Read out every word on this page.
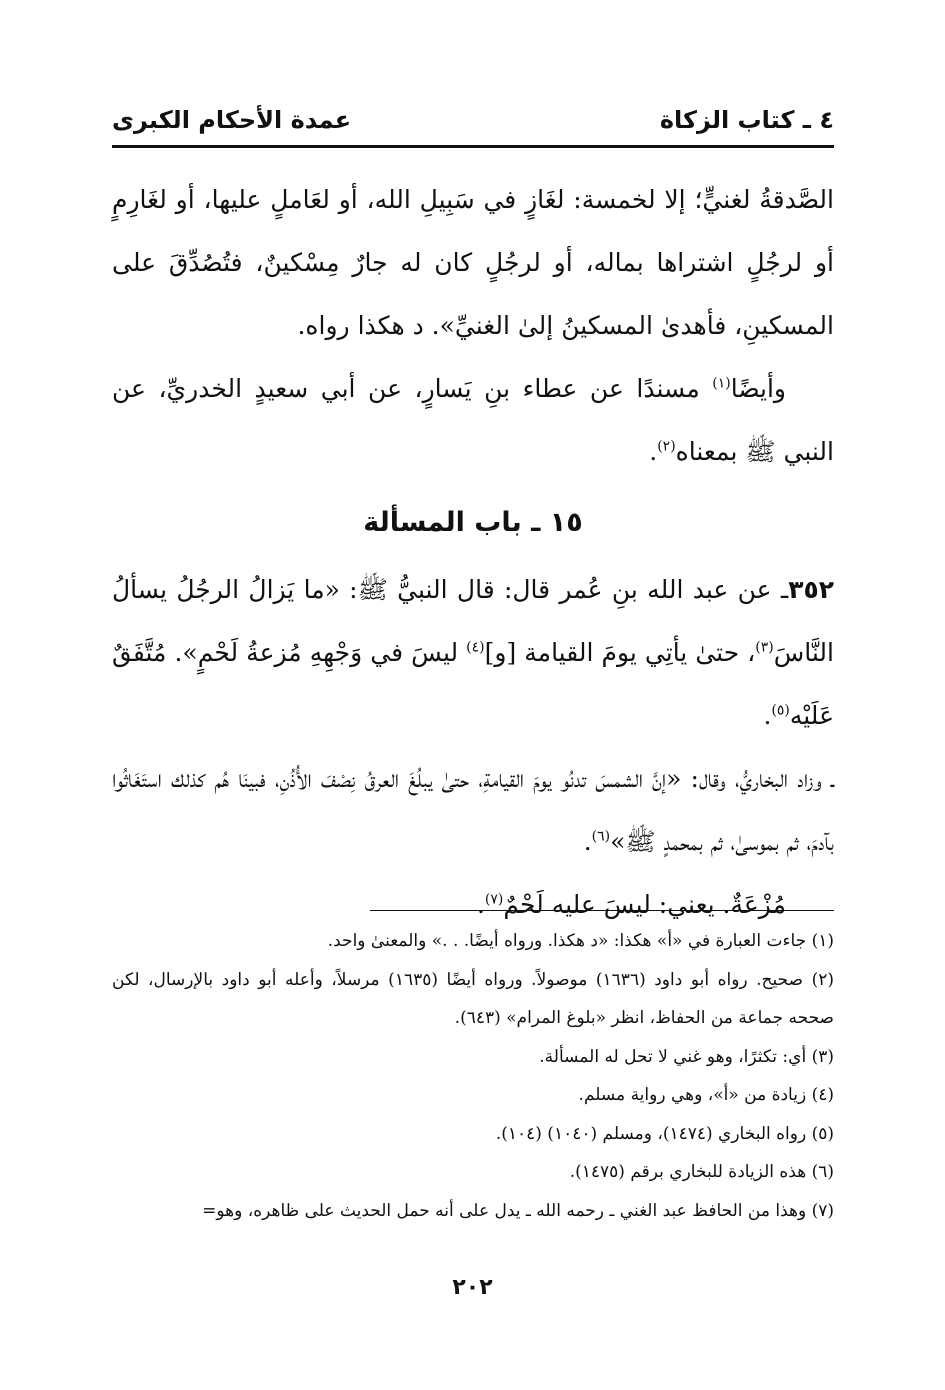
٤ ـ كتاب الزكاة
عمدة الأحكام الكبرى

الصَّدقةُ لغنيٍّ؛ إلا لخمسة: لغَازٍ في سَبِيلِ الله، أو لعَاملٍ عليها، أو لغَارِمٍ أو لرجُلٍ اشتراها بماله، أو لرجُلٍ كان له جارٌ مِسْكينٌ، فتُصُدِّقَ على المسكينِ، فأهدىٰ المسكينُ إلىٰ الغنيِّ». د هكذا رواه.

وأيضًا$^{(١)}$ مسندًا عن عطاء بنِ يَسارٍ، عن أبي سعيدٍ الخدريِّ، عن النبي ﷺ بمعناه$^{(٢)}$.

١٥ ـ باب المسألة

٣٥٢ـ عن عبد الله بنِ عُمر قال: قال النبيُّ ﷺ: «ما يَزالُ الرجُلُ يسألُ النَّاسَ$^{(٣)}$، حتىٰ يأتِي يومَ القيامة [و]$^{(٤)}$ ليسَ في وَجْهِهِ مُزعةُ لَحْمٍ». مُتَّفَقٌ عَلَيْه$^{(٥)}$.

ـ وزاد البخاريُّ، وقال: «إنَّ الشمسَ تدنُو يومَ القيامةِ، حتىٰ يبلُغَ العرقُ نِصْفَ الأُذُنِ، فبينَا هُم كذلك استَغَاثُوا بآدمَ، ثم بموسىٰ، ثم بمحمدٍ ﷺ»$^{(٦)}$.

مُزْعَةٌ. يعني: ليسَ عليه لَحْمٌ$^{(٧)}$.

(١) جاءت العبارة في «أ» هكذا: «د هكذا. ورواه أيضًا. . .» والمعنىٰ واحد.

(٢) صحيح. رواه أبو داود (١٦٣٦) موصولاً. ورواه أيضًا (١٦٣٥) مرسلاً، وأعله أبو داود بالإرسال، لكن صححه جماعة من الحفاظ، انظر «بلوغ المرام» (٦٤٣).

(٣) أي: تكثرًا، وهو غني لا تحل له المسألة.

(٤) زيادة من «أ»، وهي رواية مسلم.

(٥) رواه البخاري (١٤٧٤)، ومسلم (١٠٤٠) (١٠٤).

(٦) هذه الزيادة للبخاري برقم (١٤٧٥).

(٧) وهذا من الحافظ عبد الغني ـ رحمه الله ـ يدل على أنه حمل الحديث على ظاهره، وهو=

٢٠٢
